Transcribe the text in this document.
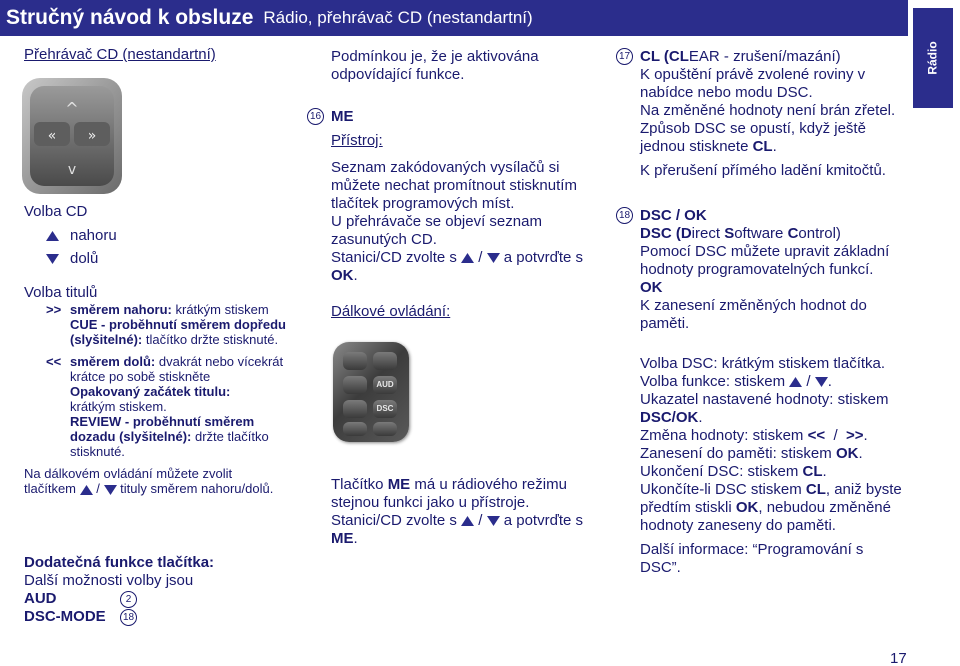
Stručný návod k obsluze Rádio, přehrávač CD (nestandartní)
Rádio
Přehrávač CD (nestandartní)
^
« »
v
Volba CD
nahoru
dolů
Volba titulů
>> směrem nahoru: krátkým stiskem
CUE - proběhnutí směrem dopředu (slyšitelné): tlačítko držte stisknuté.
<< směrem dolů: dvakrát nebo vícekrát krátce po sobě stiskněte
Opakovaný začátek titulu:
krátkým stiskem.
REVIEW - proběhnutí směrem dozadu (slyšitelné): držte tlačítko stisknuté.
Na dálkovém ovládání můžete zvolit
tlačítkem / tituly směrem nahoru/dolů.
Dodatečná funkce tlačítka:
Další možnosti volby jsou
AUD	2
DSC-MODE	18
Podmínkou je, že je aktivována odpovídající funkce.
16 ME
Přístroj:
Seznam zakódovaných vysílačů si můžete nechat promítnout stisknutím tlačítek programových míst.
U přehrávače se objeví seznam zasunutých CD.
Stanici/CD zvolte s / a potvrďte s
OK.
Dálkové ovládání:
AUD
DSC
Tlačítko ME má u rádiového režimu stejnou funkci jako u přístroje.
Stanici/CD zvolte s / a potvrďte s
ME.
17 CL (CLEAR - zrušení/mazání)
K opuštění právě zvolené roviny v nabídce nebo modu DSC.
Na změněné hodnoty není brán zřetel.
Způsob DSC se opustí, když ještě jednou stisknete CL.
K přerušení přímého ladění kmitočtů.
18 DSC / OK
DSC (Direct Software Control)
Pomocí DSC můžete upravit základní hodnoty programovatelných funkcí.
OK
K zanesení změněných hodnot do paměti.
Volba DSC: krátkým stiskem tlačítka.
Volba funkce: stiskem / .
Ukazatel nastavené hodnoty: stiskem DSC/OK.
Změna hodnoty: stiskem <<  /  >>.
Zanesení do paměti: stiskem OK.
Ukončení DSC: stiskem CL.
Ukončíte-li DSC stiskem CL, aniž byste předtím stiskli OK, nebudou změněné hodnoty zaneseny do paměti.
Další informace: “Programování s DSC”.
17
